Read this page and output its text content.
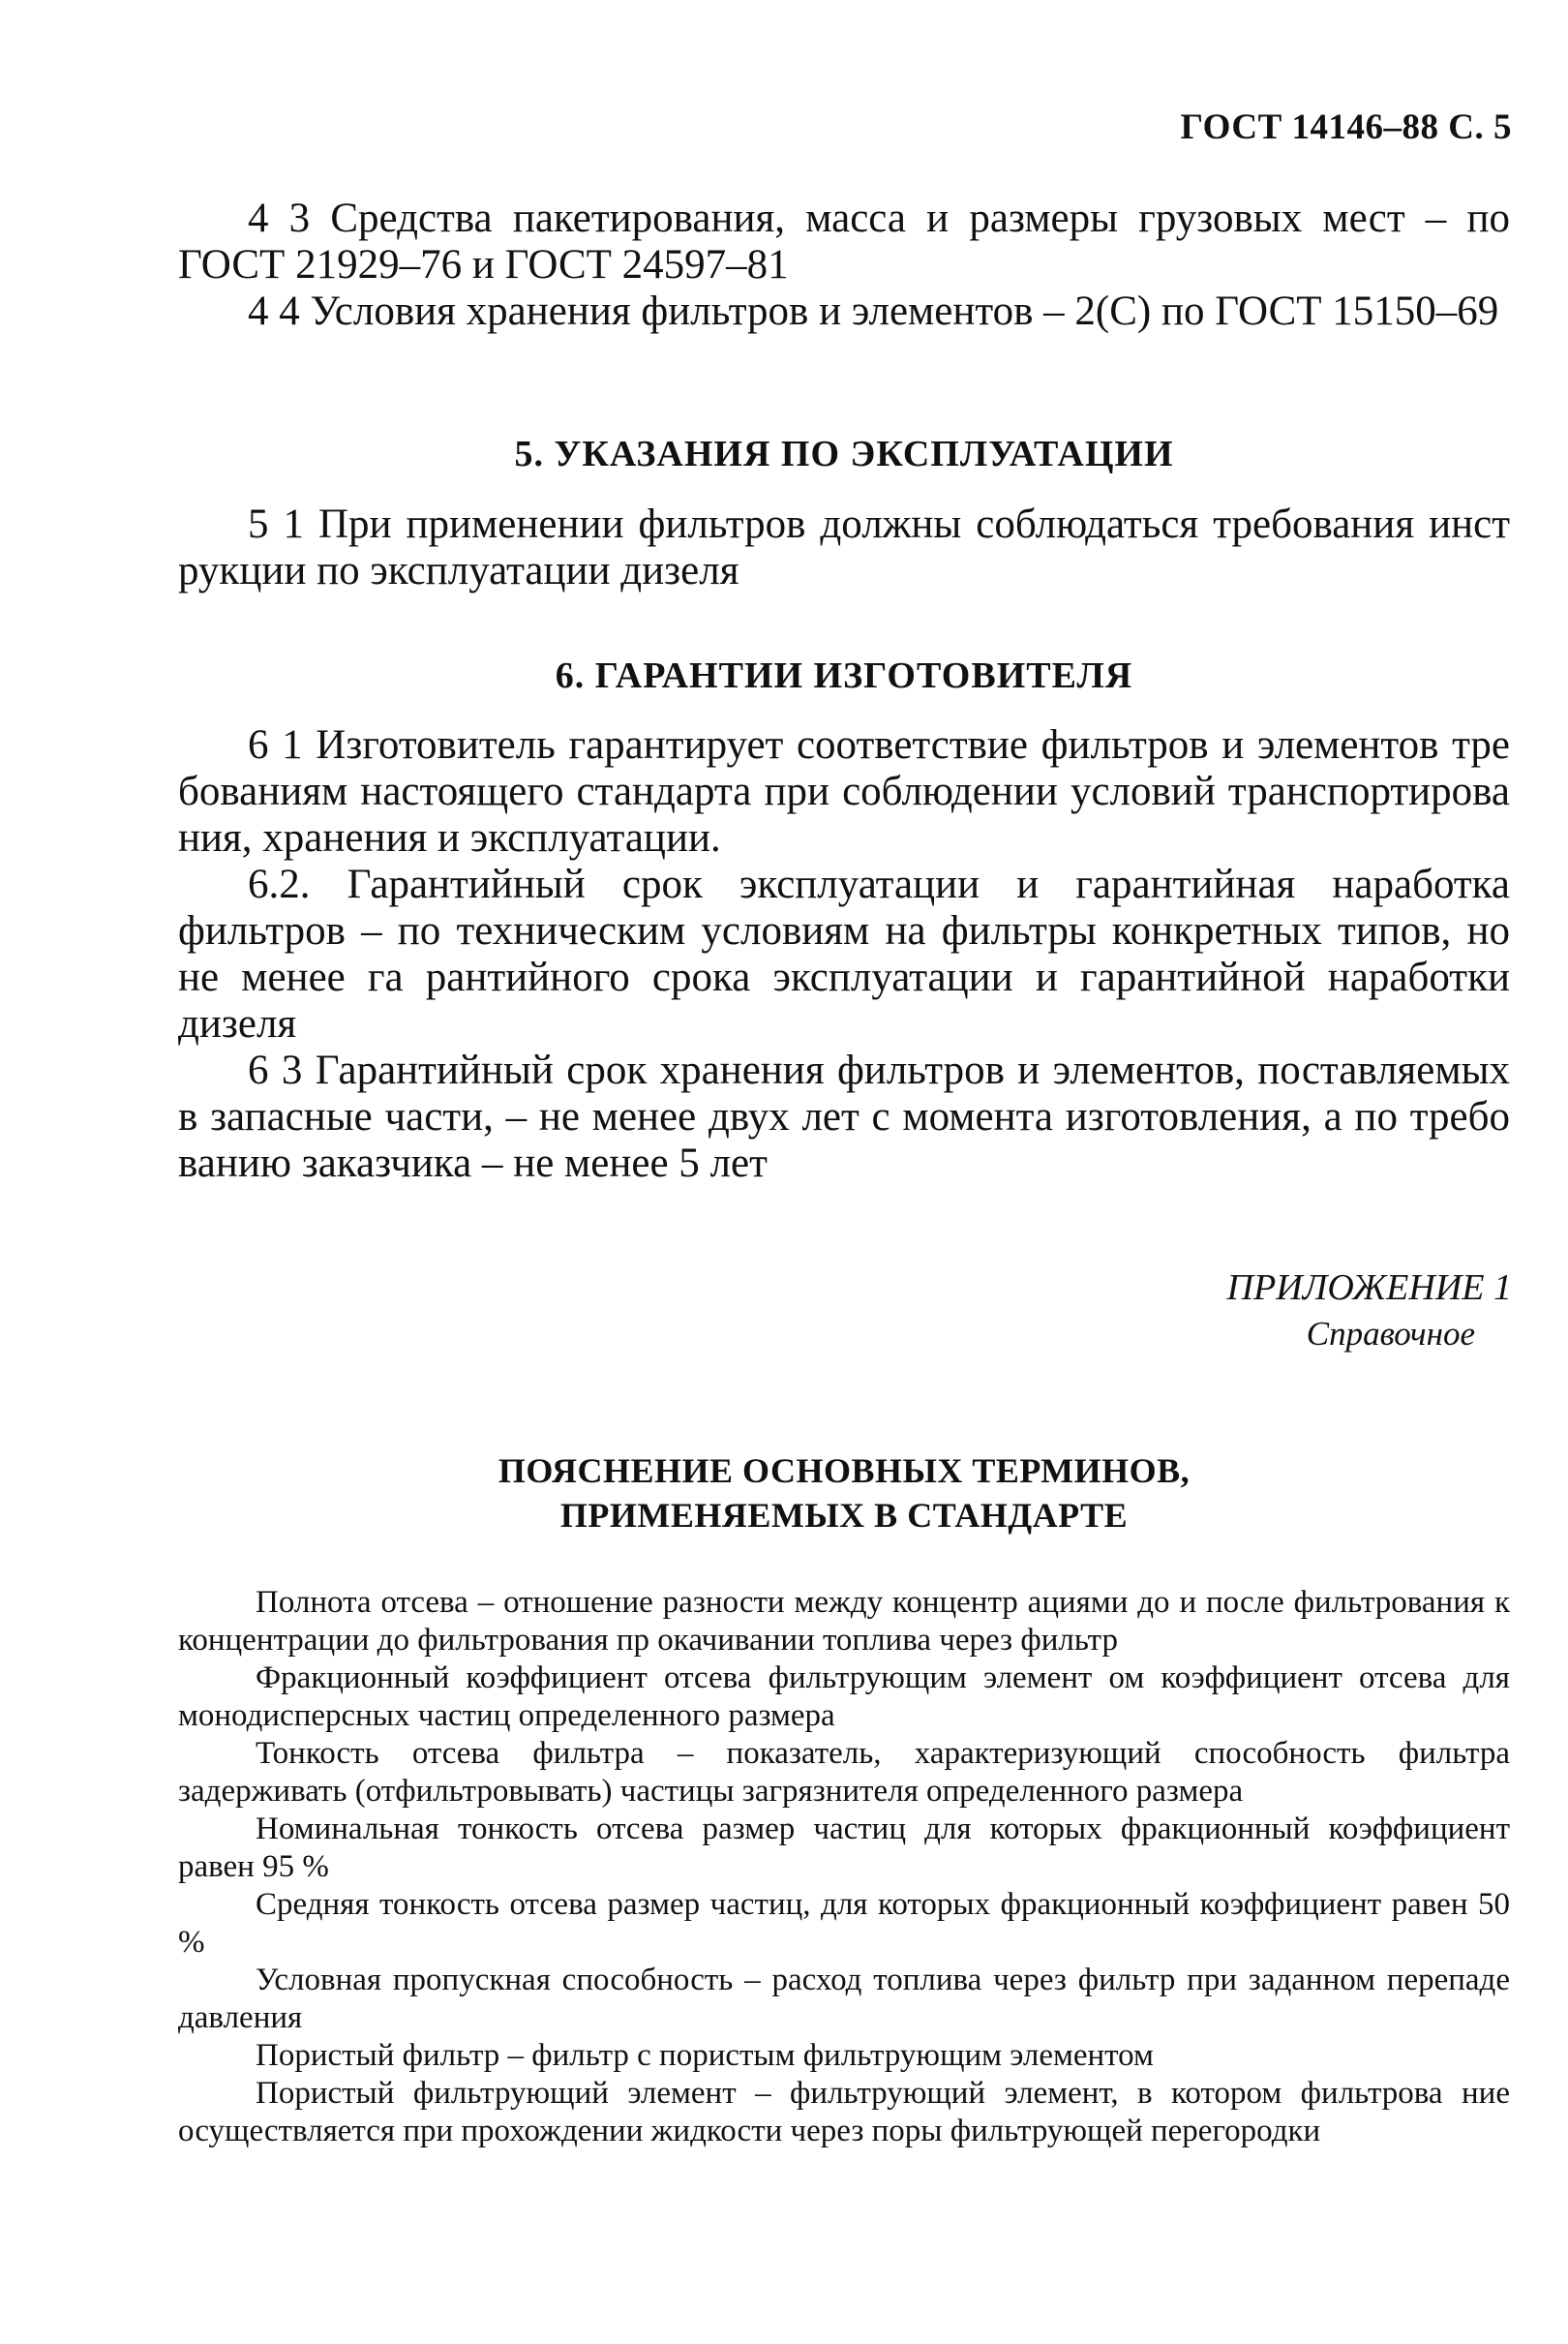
ГОСТ 14146–88 С. 5

4 3 Средства пакетирования, масса и размеры грузовых мест – по ГОСТ 21929–76 и ГОСТ 24597–81

4 4 Условия хранения фильтров и элементов – 2(С) по ГОСТ 15150–69

5. УКАЗАНИЯ ПО ЭКСПЛУАТАЦИИ

5 1 При применении фильтров должны соблюдаться требования инст рукции по эксплуатации дизеля

6. ГАРАНТИИ ИЗГОТОВИТЕЛЯ

6 1 Изготовитель гарантирует соответствие фильтров и элементов тре бованиям настоящего стандарта при соблюдении условий транспортирова ния, хранения и эксплуатации.

6.2. Гарантийный срок эксплуатации и гарантийная наработка фильтров – по техническим условиям на фильтры конкретных типов, но не менее га рантийного срока эксплуатации и гарантийной наработки дизеля

6 3 Гарантийный срок хранения фильтров и элементов, поставляемых в запасные части, – не менее двух лет с момента изготовления, а по требо ванию заказчика – не менее 5 лет

ПРИЛОЖЕНИЕ 1
Справочное
ПОЯСНЕНИЕ ОСНОВНЫХ ТЕРМИНОВ,
ПРИМЕНЯЕМЫХ В СТАНДАРТЕ

Полнота отсева – отношение разности между концентр ациями до и после фильтрования к концентрации до фильтрования пр окачивании топлива через фильтр

Фракционный коэффициент отсева фильтрующим элемент ом коэффициент отсева для монодисперсных частиц определенного размера

Тонкость отсева фильтра – показатель, характеризующий способность фильтра задерживать (отфильтровывать) частицы загрязнителя определенного размера

Номинальная тонкость отсева размер частиц для которых фракционный коэффициент равен 95 %

Средняя тонкость отсева размер частиц, для которых фракционный коэффициент равен 50 %

Условная пропускная способность – расход топлива через фильтр при заданном перепаде давления

Пористый фильтр – фильтр с пористым фильтрующим элементом

Пористый фильтрующий элемент – фильтрующий элемент, в котором фильтрова ние осуществляется при прохождении жидкости через поры фильтрующей перегородки
